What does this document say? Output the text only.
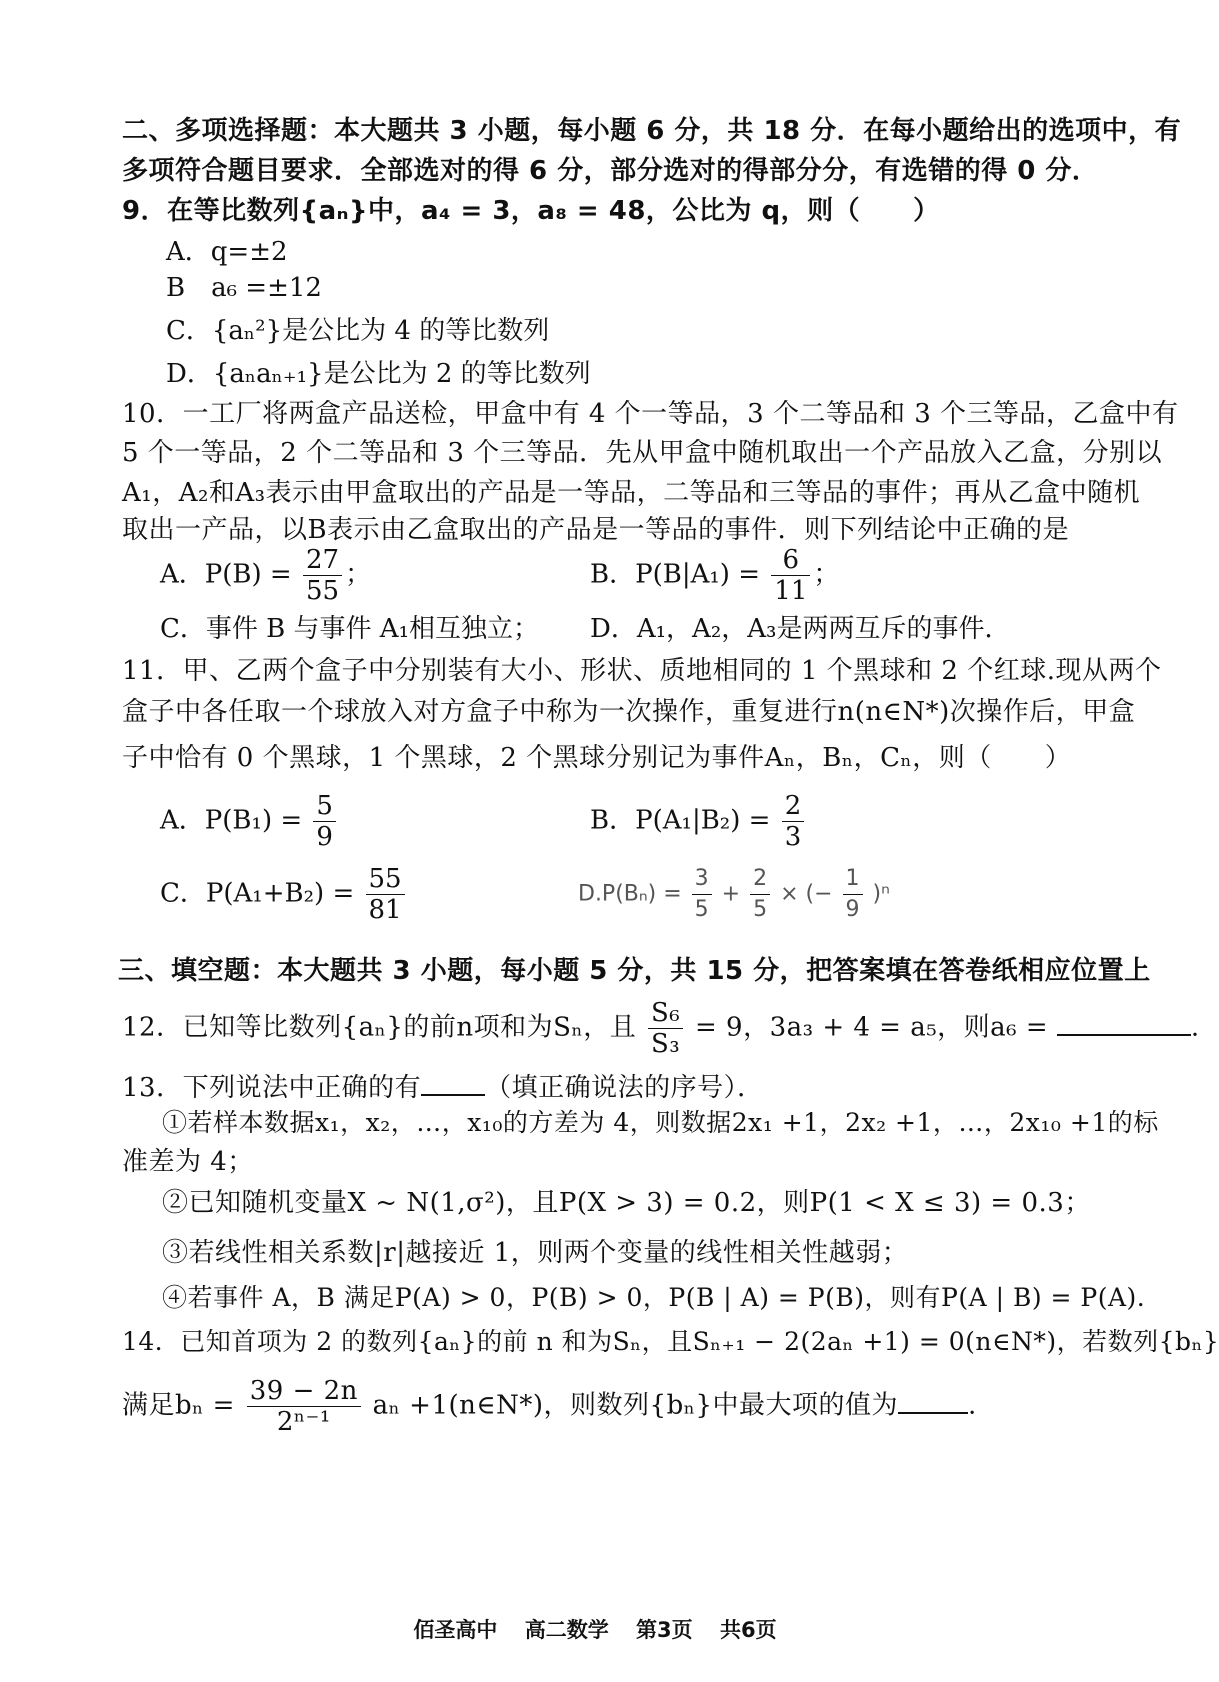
二、多项选择题：本大题共 3 小题，每小题 6 分，共 18 分．在每小题给出的选项中，有
多项符合题目要求．全部选对的得 6 分，部分选对的得部分分，有选错的得 0 分．
9．在等比数列{aₙ}中，a₄ = 3，a₈ = 48，公比为 q，则（　　）
A．q=±2
B　a₆ =±12
C．{aₙ²}是公比为 4 的等比数列
D．{aₙaₙ₊₁}是公比为 2 的等比数列
10．一工厂将两盒产品送检，甲盒中有 4 个一等品，3 个二等品和 3 个三等品，乙盒中有
5 个一等品，2 个二等品和 3 个三等品．先从甲盒中随机取出一个产品放入乙盒，分别以
A₁，A₂和A₃表示由甲盒取出的产品是一等品，二等品和三等品的事件；再从乙盒中随机
取出一产品，以B表示由乙盒取出的产品是一等品的事件．则下列结论中正确的是
A．$P(B) = \frac{27}{55}$ ；	B．$P(B|A_1) = \frac{6}{11}$ ；
C．事件 B 与事件 A₁相互独立； D．A₁，A₂，A₃是两两互斥的事件．
11．甲、乙两个盒子中分别装有大小、形状、质地相同的 1 个黑球和 2 个红球.现从两个
盒子中各任取一个球放入对方盒子中称为一次操作，重复进行n(n∈N*)次操作后，甲盒
子中恰有 0 个黑球，1 个黑球，2 个黑球分别记为事件Aₙ，Bₙ，Cₙ，则（　　）
A．$P(B_1) = \frac{5}{9}$	B．$P(A_1|B_2) = \frac{2}{3}$
C．$P(A_1+B_2) = \frac{55}{81}$	$D.P(B_n) = \frac{3}{5} + \frac{2}{5}$ × (− $\frac{1}{9} )^n$
三、填空题：本大题共 3 小题，每小题 5 分，共 15 分，把答案填在答卷纸相应位置上
12．已知等比数列{aₙ}的前n项和为Sₙ，且 $\frac{\text{S₆}}{\text{S₃}} = 9$，3a₃ + 4 = a₅，则a₆ =	.
13．下列说法中正确的有 （填正确说法的序号）．
①若样本数据x₁，x₂，…，x₁₀的方差为 4，则数据2x₁ +1，2x₂ +1，…，2x₁₀ +1的标
准差为 4；
②已知随机变量X ~ N(1,σ²)，且P(X > 3) = 0.2，则P(1 < X ≤ 3) = 0.3；
③若线性相关系数|r|越接近 1，则两个变量的线性相关性越弱；
④若事件 A，B 满足P(A) > 0，P(B) > 0，P(B | A) = P(B)，则有P(A | B) = P(A).
14．已知首项为 2 的数列{aₙ}的前 n 和为Sₙ，且Sₙ₊₁ − 2(2aₙ +1) = 0(n∈N*)，若数列{bₙ}
满足$b_n = \frac{39 - 2n}{\text{2ⁿ⁻¹}}$ aₙ +1(n∈N*)，则数列{bₙ}中最大项的值为	.
佰圣高中 高二数学 第3页 共6页
